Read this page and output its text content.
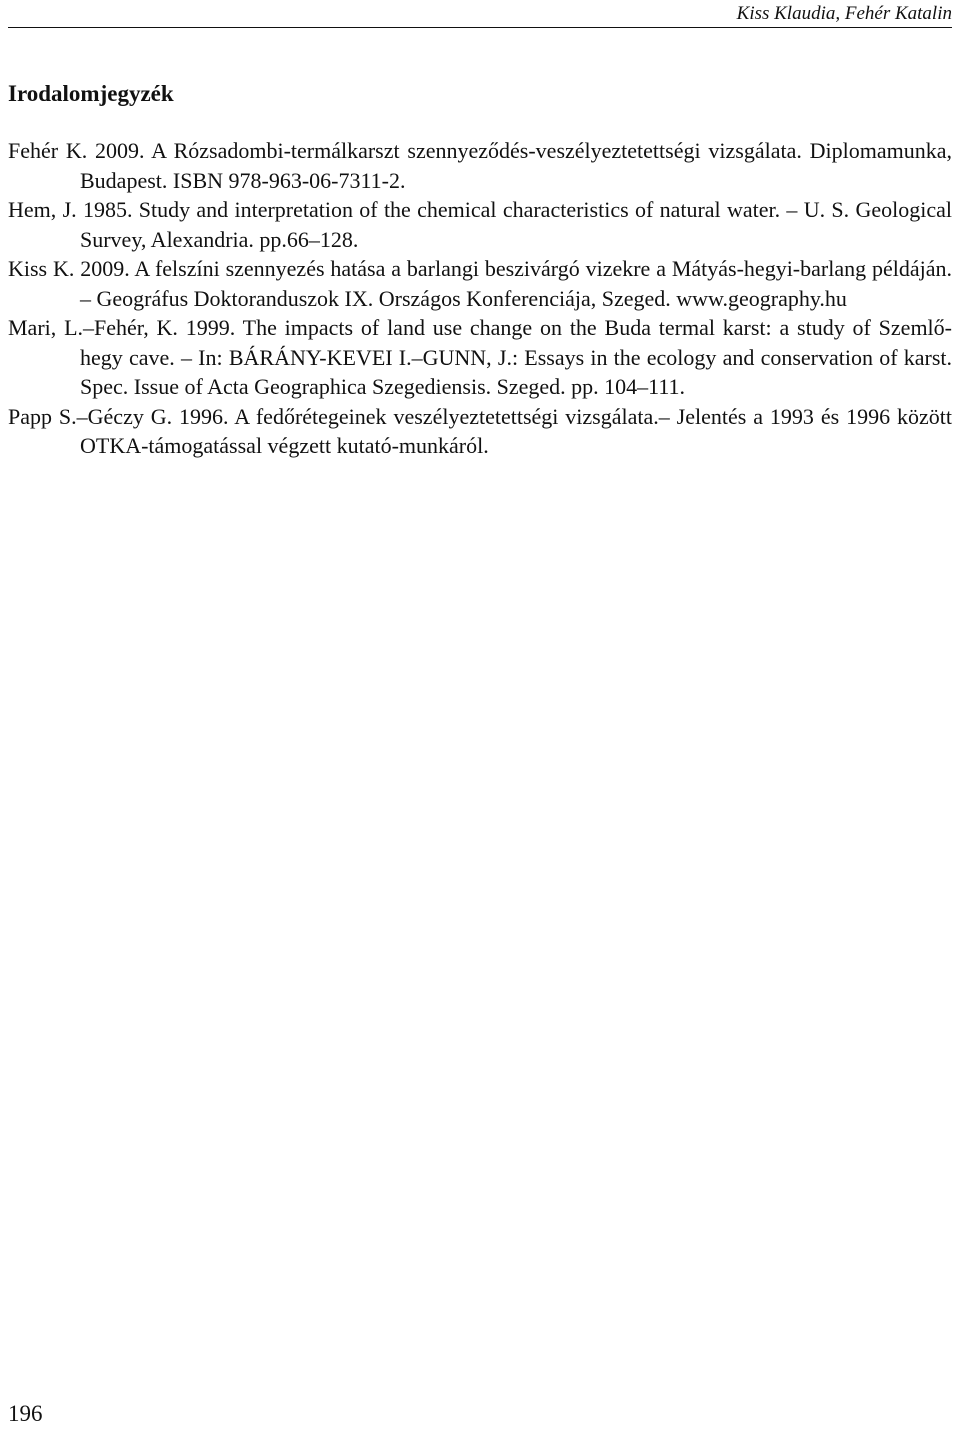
Kiss Klaudia, Fehér Katalin
Irodalomjegyzék
Fehér K. 2009. A Rózsadombi-termálkarszt szennyeződés-veszélyeztetettségi vizsgálata. Diplomamunka, Budapest. ISBN 978-963-06-7311-2.
Hem, J. 1985. Study and interpretation of the chemical characteristics of natural water. – U. S. Geological Survey, Alexandria. pp.66–128.
Kiss K. 2009. A felszíni szennyezés hatása a barlangi beszivárgó vizekre a Mátyás-hegyi-barlang példáján. – Geográfus Doktoranduszok IX. Országos Konferenciája, Szeged. www.geography.hu
Mari, L.–Fehér, K. 1999. The impacts of land use change on the Buda termal karst: a study of Szemlő-hegy cave. – In: BÁRÁNY-KEVEI I.–GUNN, J.: Essays in the ecology and conservation of karst. Spec. Issue of Acta Geographica Szegediensis. Szeged. pp. 104–111.
Papp S.–Géczy G. 1996. A fedőrétegeinek veszélyeztetettségi vizsgálata.– Jelentés a 1993 és 1996 között OTKA-támogatással végzett kutató-munkáról.
196
